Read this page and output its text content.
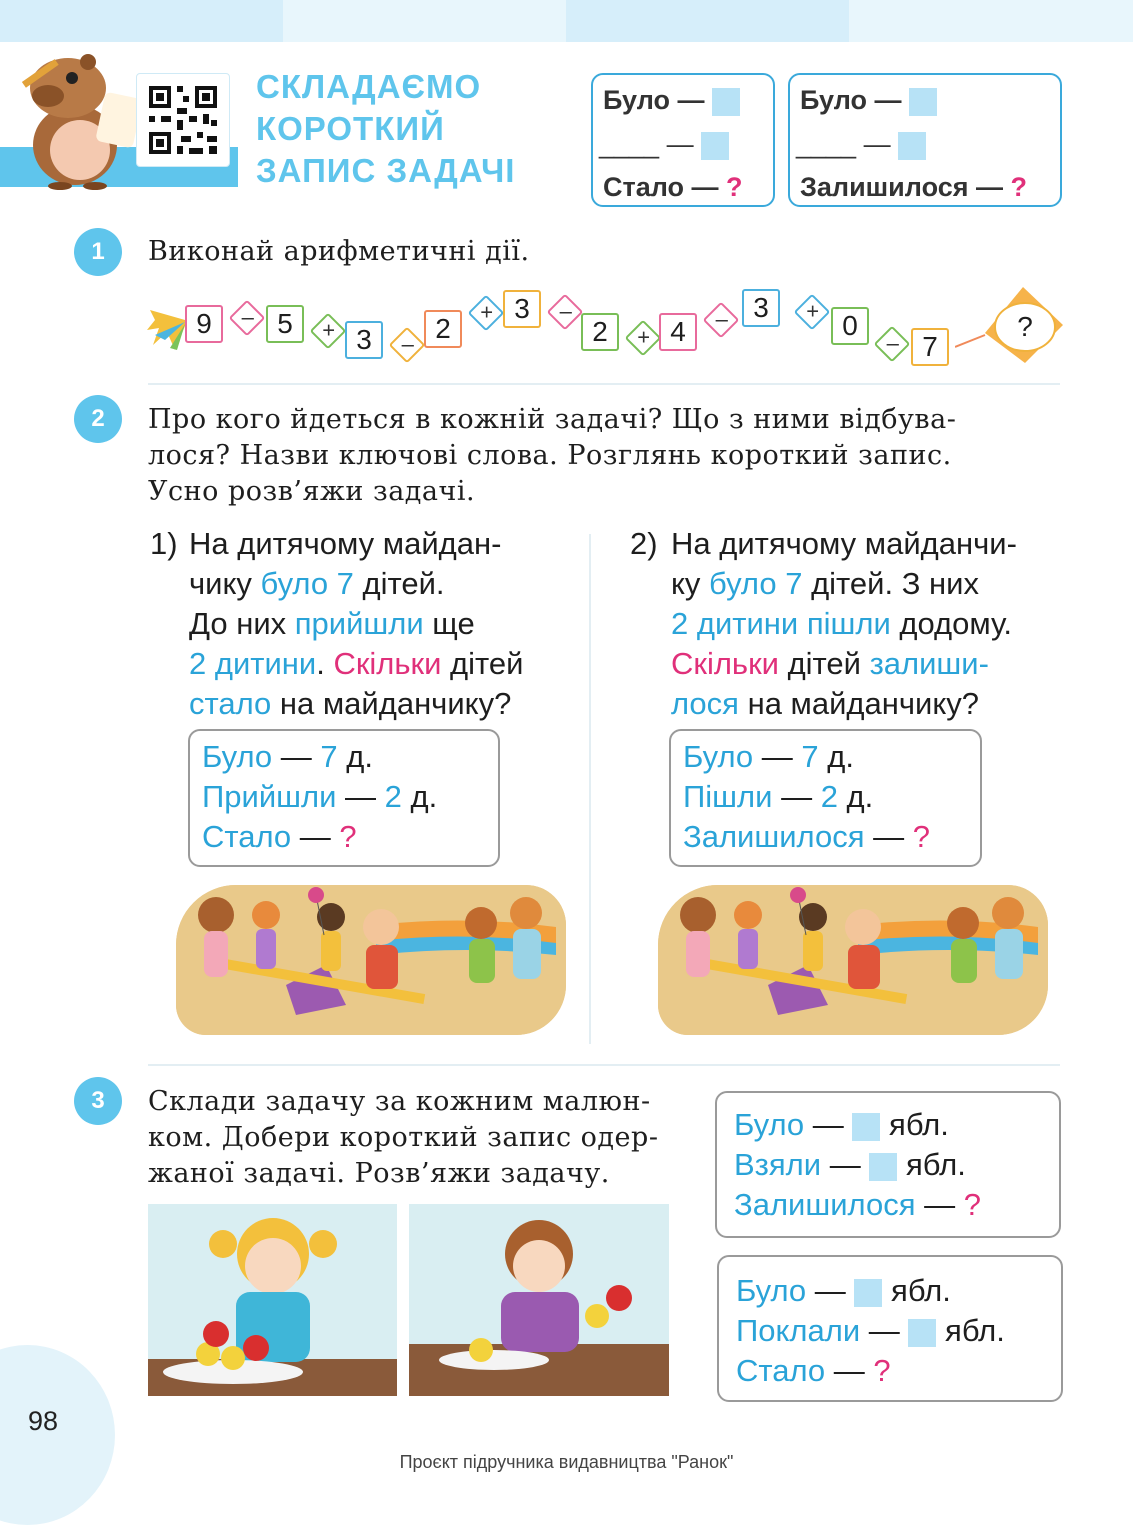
СКЛАДАЄМО
КОРОТКИЙ
ЗАПИС ЗАДАЧІ
Було —
____ —
Стало — ?
Було —
____ —
Залишилося — ?
1	Виконай арифметичні дії.
9	– 5	+ 3	– 2
+ 3	–
2	+ 4	– 3	+ 0
– 7
?
2	Про кого йдеться в кожній задачі? Що з ними відбува-
лося? Назви ключові слова. Розглянь короткий запис.
Усно розв’яжи задачі.
1) На дитячому майдан-
чику було 7 дітей.
До них прийшли ще
2 дитини. Скільки дітей
стало на майданчику?
Було — 7 д.
Прийшли — 2 д.
Стало — ?
2) На дитячому майданчи-
ку було 7 дітей. З них
2 дитини пішли додому.
Скільки дітей залиши-
лося на майданчику?
Було — 7 д.
Пішли — 2 д.
Залишилося — ?
3	Склади задачу за кожним малюн-
ком. Добери короткий запис одер-
жаної задачі. Розв’яжи задачу.
Було —  ябл.
Взяли —  ябл.
Залишилося — ?
Було —  ябл.
Поклали —  ябл.
Стало — ?
98
Проєкт підручника видавництва "Ранок"
